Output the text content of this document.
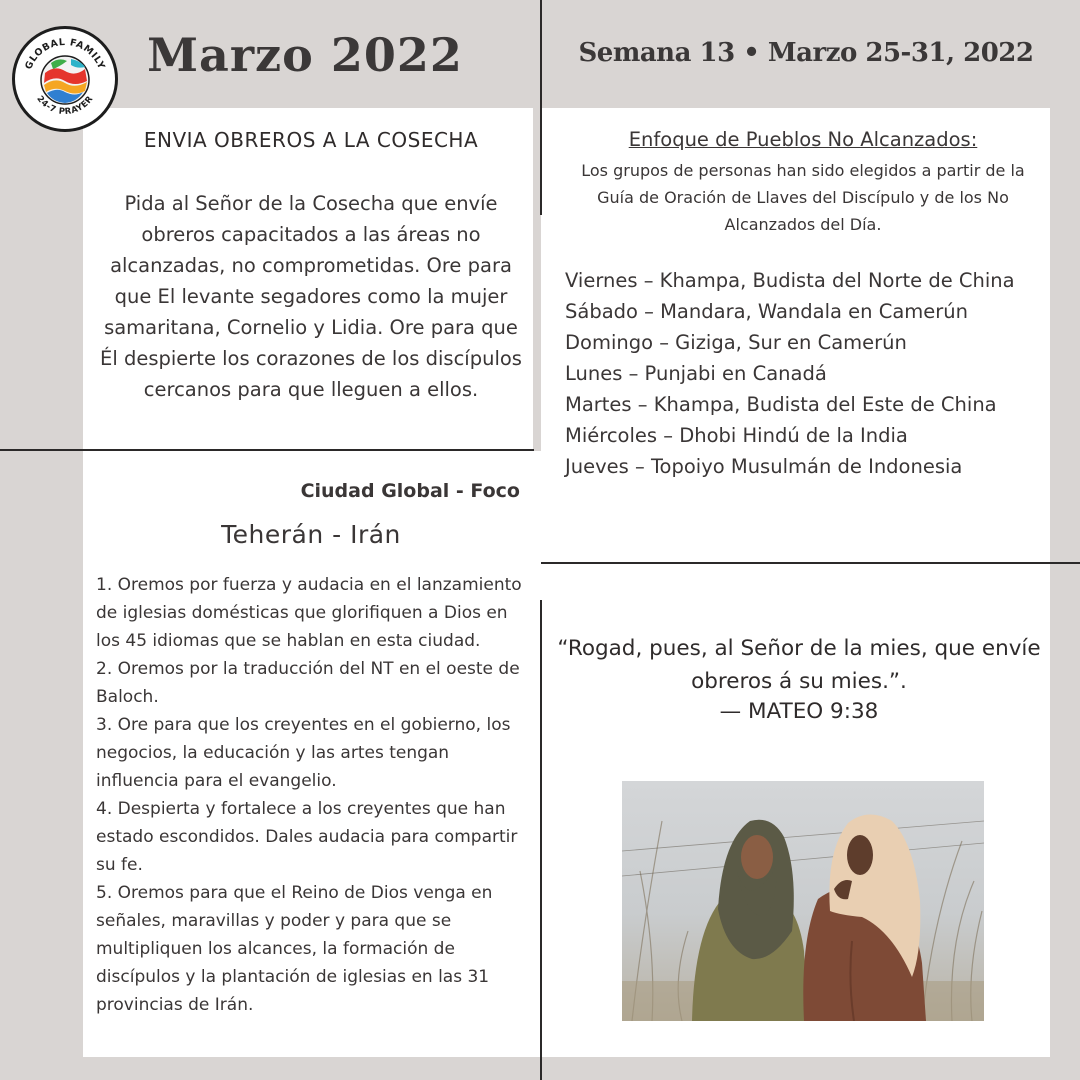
GLOBAL FAMILY
24-7 PRAYER
Marzo 2022	Semana 13 • Marzo 25-31, 2022
ENVIA OBREROS A LA COSECHA
Pida al Señor de la Cosecha que envíe obreros capacitados a las áreas no alcanzadas, no comprometidas. Ore para que El levante segadores como la mujer samaritana, Cornelio y Lidia. Ore para que Él despierte los corazones de los discípulos cercanos para que lleguen a ellos.
Ciudad Global - Foco
Teherán - Irán
1. Oremos por fuerza y audacia en el lanzamiento de iglesias domésticas que glorifiquen a Dios en los 45 idiomas que se hablan en esta ciudad.
2. Oremos por la traducción del NT en el oeste de Baloch.
3. Ore para que los creyentes en el gobierno, los negocios, la educación y las artes tengan influencia para el evangelio.
4. Despierta y fortalece a los creyentes que han estado escondidos. Dales audacia para compartir su fe.
5. Oremos para que el Reino de Dios venga en señales, maravillas y poder y para que se multipliquen los alcances, la formación de discípulos y la plantación de iglesias en las 31 provincias de Irán.
Enfoque de Pueblos No Alcanzados:
Los grupos de personas han sido elegidos a partir de la Guía de Oración de Llaves del Discípulo y de los No Alcanzados del Día.
Viernes – Khampa, Budista del Norte de China
Sábado – Mandara, Wandala en Camerún
Domingo – Giziga, Sur en Camerún
Lunes – Punjabi en Canadá
Martes – Khampa, Budista del Este de China
Miércoles – Dhobi Hindú de la India
Jueves – Topoiyo Musulmán de Indonesia
“Rogad, pues, al Señor de la mies, que envíe obreros á su mies.”.
— MATEO 9:38
